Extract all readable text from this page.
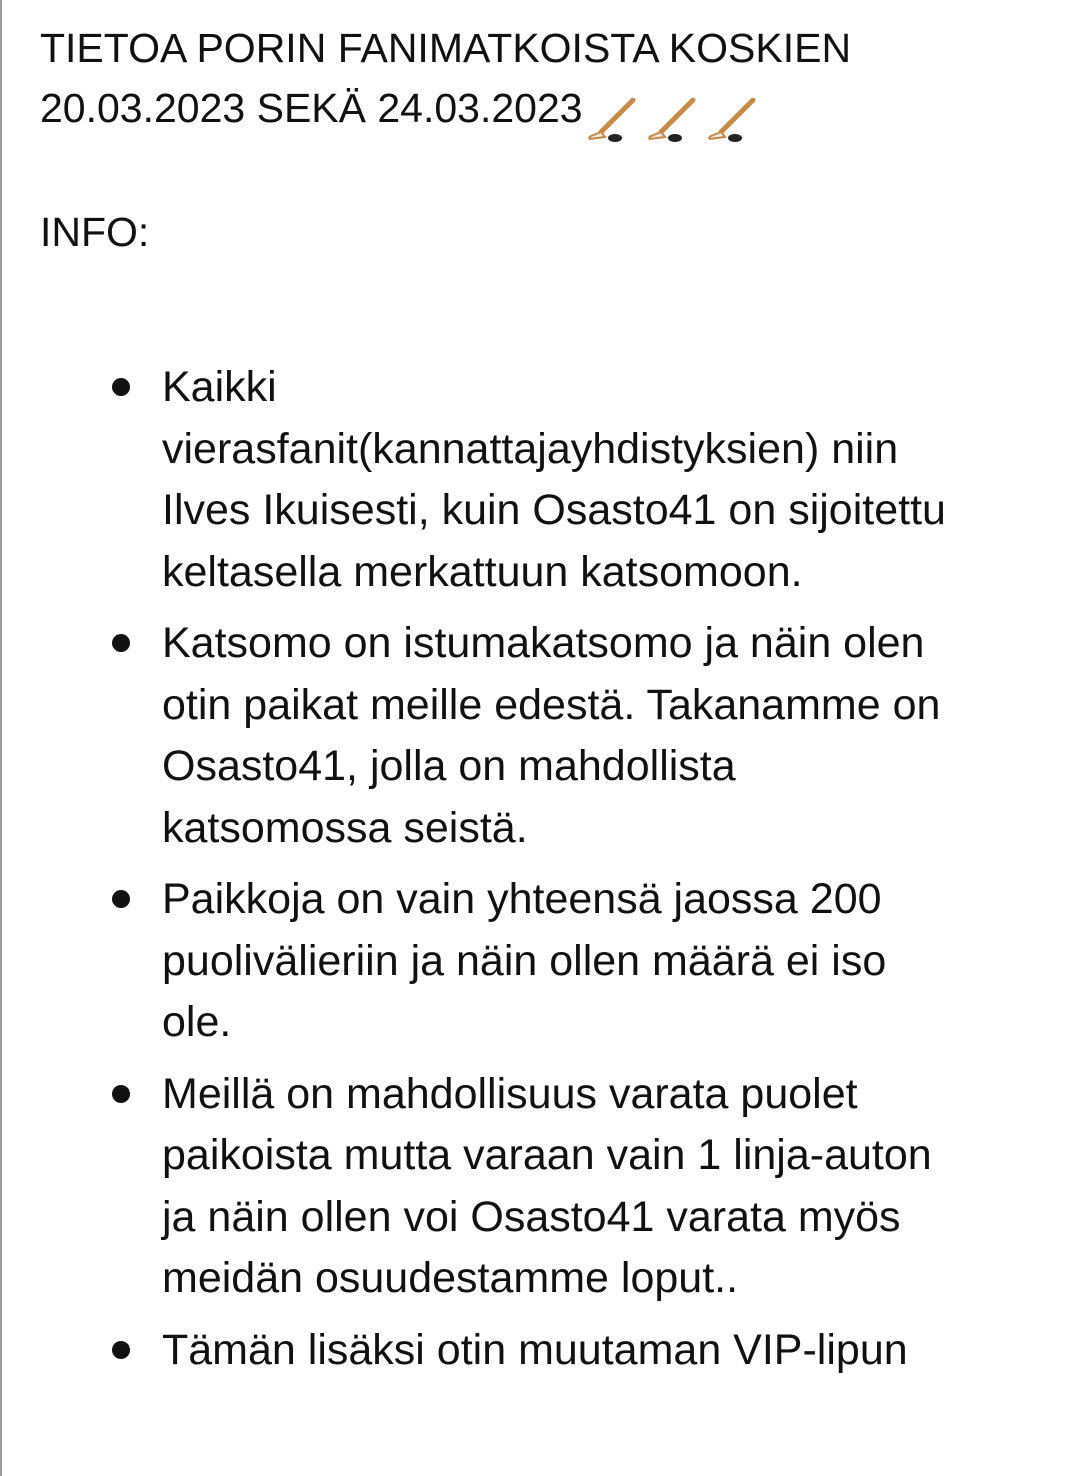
TIETOA PORIN FANIMATKOISTA KOSKIEN
20.03.2023 SEKÄ 24.03.2023
INFO:
Kaikki
vierasfanit(kannattajayhdistyksien) niin
Ilves Ikuisesti, kuin Osasto41 on sijoitettu
keltasella merkattuun katsomoon.
Katsomo on istumakatsomo ja näin olen
otin paikat meille edestä. Takanamme on
Osasto41, jolla on mahdollista
katsomossa seistä.
Paikkoja on vain yhteensä jaossa 200
puolivälieriin ja näin ollen määrä ei iso
ole.
Meillä on mahdollisuus varata puolet
paikoista mutta varaan vain 1 linja-auton
ja näin ollen voi Osasto41 varata myös
meidän osuudestamme loput..
Tämän lisäksi otin muutaman VIP-lipun
